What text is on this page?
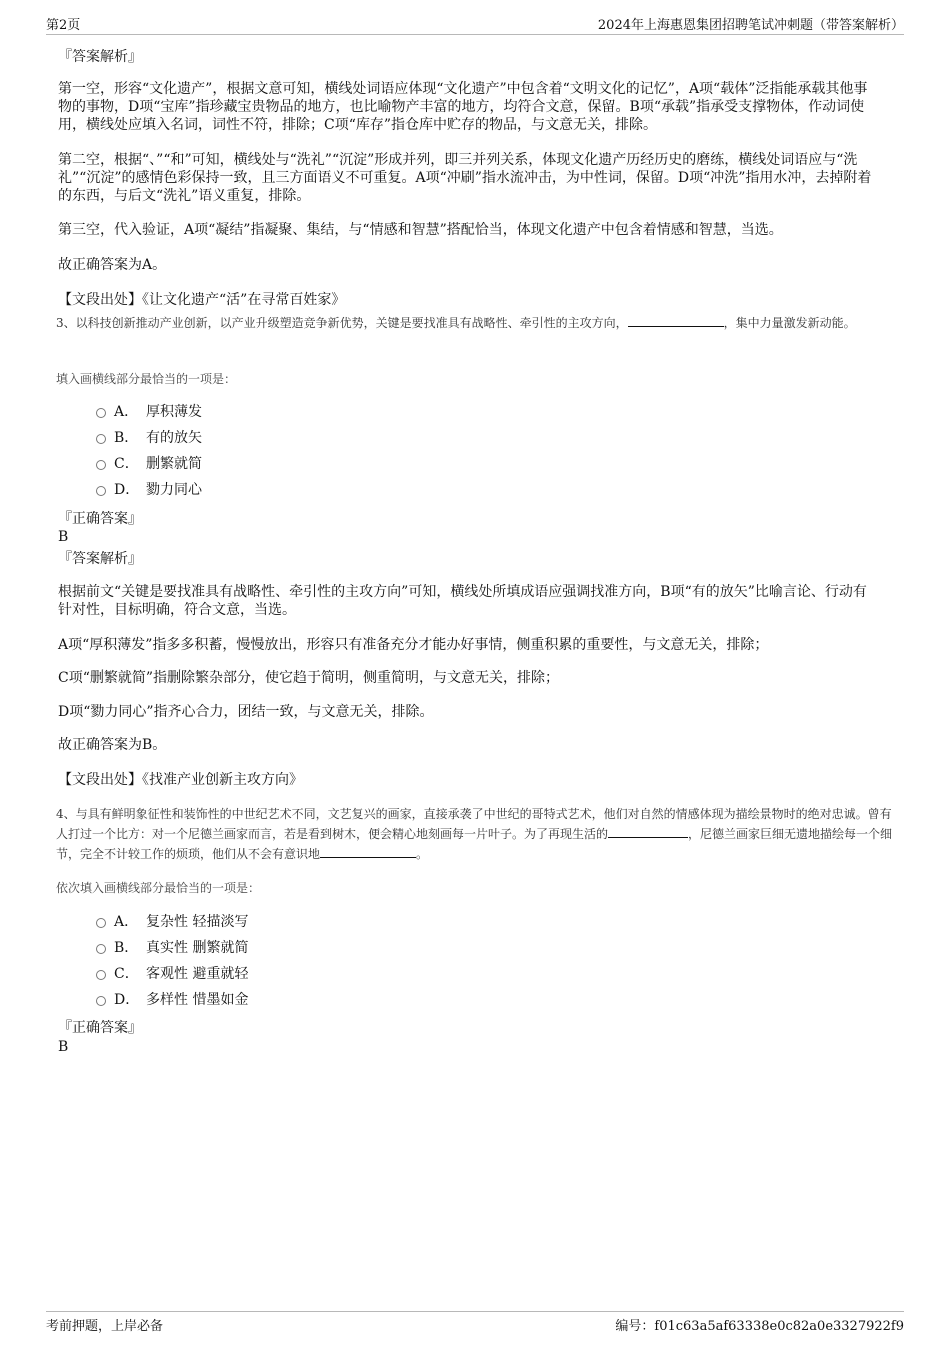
第2页	2024年上海惠恩集团招聘笔试冲刺题（带答案解析）
『答案解析』
第一空，形容“文化遗产”，根据文意可知，横线处词语应体现“文化遗产”中包含着“文明文化的记忆”，A项“载体”泛指能承载其他事物的事物，D项“宝库”指珍藏宝贵物品的地方，也比喻物产丰富的地方，均符合文意，保留。B项“承载”指承受支撑物体，作动词使用，横线处应填入名词，词性不符，排除；C项“库存”指仓库中贮存的物品，与文意无关，排除。
第二空，根据“、”“和”可知，横线处与“洗礼”“沉淀”形成并列，即三并列关系，体现文化遗产历经历史的磨练，横线处词语应与“洗礼”“沉淀”的感情色彩保持一致，且三方面语义不可重复。A项“冲刷”指水流冲击，为中性词，保留。D项“冲洗”指用水冲，去掉附着的东西，与后文“洗礼”语义重复，排除。
第三空，代入验证，A项“凝结”指凝聚、集结，与“情感和智慧”搭配恰当，体现文化遗产中包含着情感和智慧，当选。
故正确答案为A。
【文段出处】《让文化遗产“活”在寻常百姓家》
3、以科技创新推动产业创新，以产业升级塑造竞争新优势，关键是要找准具有战略性、牵引性的主攻方向，	，集中力量激发新动能。
填入画横线部分最恰当的一项是：
A． 厚积薄发
B． 有的放矢
C． 删繁就简
D． 勠力同心
『正确答案』
B
『答案解析』
根据前文“关键是要找准具有战略性、牵引性的主攻方向”可知，横线处所填成语应强调找准方向，B项“有的放矢”比喻言论、行动有针对性，目标明确，符合文意，当选。
A项“厚积薄发”指多多积蓄，慢慢放出，形容只有准备充分才能办好事情，侧重积累的重要性，与文意无关，排除；
C项“删繁就简”指删除繁杂部分，使它趋于简明，侧重简明，与文意无关，排除；
D项“勠力同心”指齐心合力，团结一致，与文意无关，排除。
故正确答案为B。
【文段出处】《找准产业创新主攻方向》
4、与具有鲜明象征性和装饰性的中世纪艺术不同，文艺复兴的画家，直接承袭了中世纪的哥特式艺术，他们对自然的情感体现为描绘景物时的绝对忠诚。曾有人打过一个比方：对一个尼德兰画家而言，若是看到树木，便会精心地刻画每一片叶子。为了再现生活的	，尼德兰画家巨细无遗地描绘每一个细节，完全不计较工作的烦琐，他们从不会有意识地	。
依次填入画横线部分最恰当的一项是：
A． 复杂性 轻描淡写
B． 真实性 删繁就简
C． 客观性 避重就轻
D． 多样性 惜墨如金
『正确答案』
B
考前押题，上岸必备	编号：f01c63a5af63338e0c82a0e3327922f9
